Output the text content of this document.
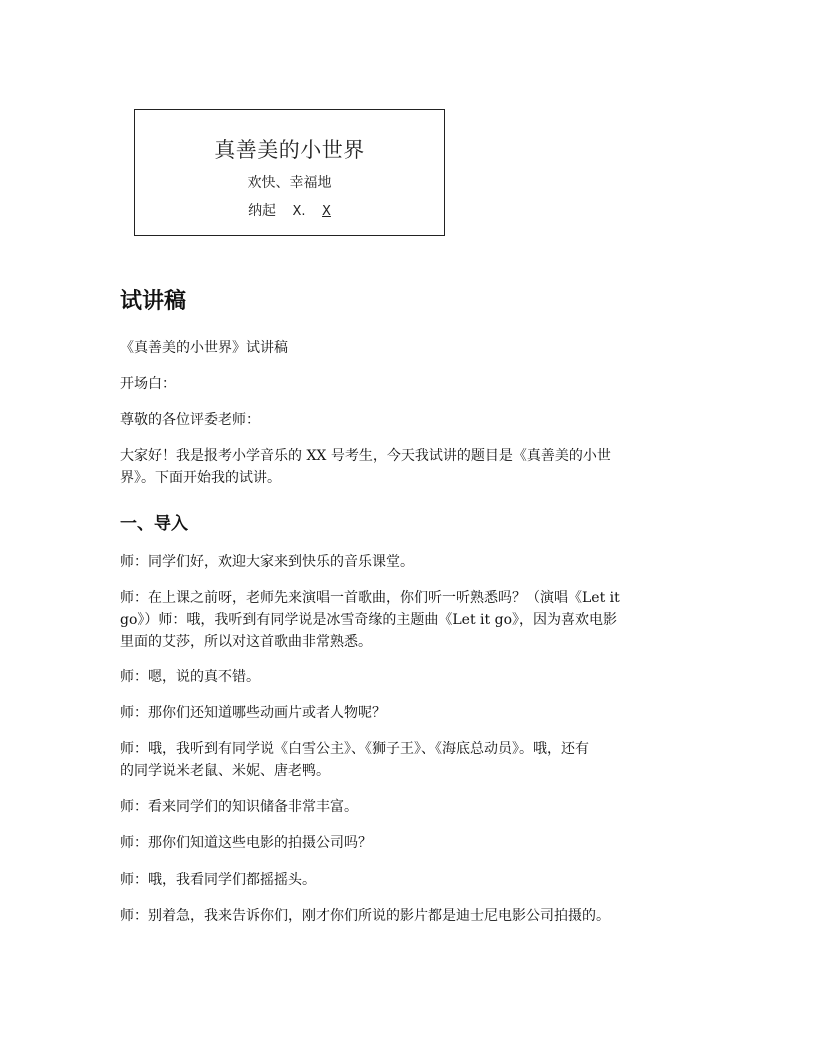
真善美的小世界
欢快、幸福地
纳起 X. X
试讲稿

《真善美的小世界》试讲稿

开场白：

尊敬的各位评委老师：

大家好！我是报考小学音乐的 XX 号考生，今天我试讲的题目是《真善美的小世
界》。下面开始我的试讲。
一、导入

师：同学们好，欢迎大家来到快乐的音乐课堂。

师：在上课之前呀，老师先来演唱一首歌曲，你们听一听熟悉吗？（演唱《Let it
go》）师：哦，我听到有同学说是冰雪奇缘的主题曲《Let it go》，因为喜欢电影
里面的艾莎，所以对这首歌曲非常熟悉。

师：嗯，说的真不错。

师：那你们还知道哪些动画片或者人物呢？

师：哦，我听到有同学说《白雪公主》、《狮子王》、《海底总动员》。哦，还有
的同学说米老鼠、米妮、唐老鸭。

师：看来同学们的知识储备非常丰富。

师：那你们知道这些电影的拍摄公司吗？

师：哦，我看同学们都摇摇头。

师：别着急，我来告诉你们，刚才你们所说的影片都是迪士尼电影公司拍摄的。
